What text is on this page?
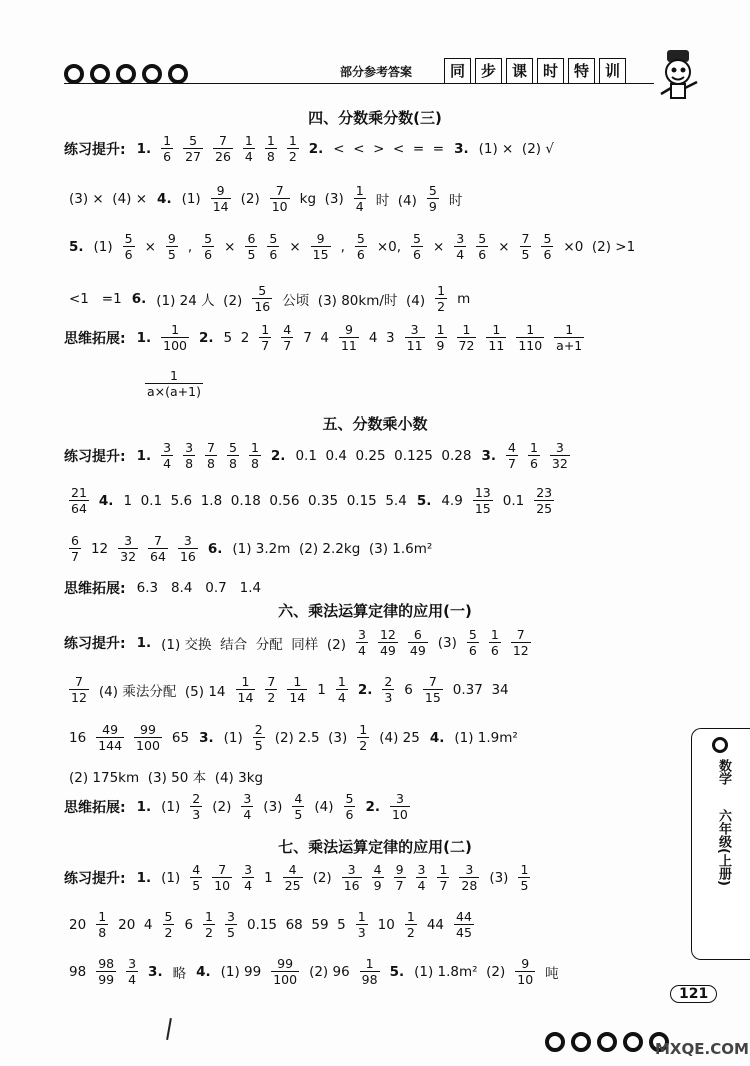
部分参考答案	同	步	课	时	特	训
四、分数乘分数(三)
练习提升: 1. $\frac{1}{6} \frac{5}{27} \frac{7}{26} \frac{1}{4} \frac{1}{8} \frac{1}{2} 2$. <  <  >  <  =  = 3. (1) ×  (2) √
(3) ×  (4) × 4. $(1) \frac{9}{14} (2) \frac{7}{10}$ kg  $(3) \frac{1}{4}$ 时  $(4) \frac{5}{9}$ 时
5. $(1) \frac{5}{6} \times \frac{9}{5}$ , $\frac{5}{6} \times \frac{6}{5} \frac{5}{6} \times \frac{9}{15}$ , $\frac{5}{6} \times 0$, $\frac{5}{6} \times \frac{3}{4} \frac{5}{6} \times \frac{7}{5} \frac{5}{6} \times 0$  (2) >1
<1   =1 6. (1) 24 人  $(2) \frac{5}{16}$ 公顷  (3) 80km/时  $(4) \frac{1}{2}$ m
思维拓展: 1. $\frac{1}{100} 2$. 5  $2 \frac{1}{7} \frac{4}{7} 7$  $4 \frac{9}{11} 4$  $3 \frac{3}{11} \frac{1}{9} \frac{1}{72} \frac{1}{11} \frac{1}{110} \frac{1}{a+1}$
$\frac{1}{a\times(a+1)}$
五、分数乘小数
练习提升: 1. $\frac{3}{4} \frac{3}{8} \frac{7}{8} \frac{5}{8} \frac{1}{8} 2$. 0.1  0.4  0.25  0.125  0.28 3. $\frac{4}{7} \frac{1}{6} \frac{3}{32}$
$\frac{21}{64} 4$. 1  0.1  5.6  1.8  0.18  0.56  0.35  0.15  5.4 5. $4.9 \frac{13}{15} 0.1 \frac{23}{25}$
$\frac{6}{7} 12 \frac{3}{32} \frac{7}{64} \frac{3}{16} 6$. (1) 3.2m  (2) 2.2kg  (3) 1.6m²
思维拓展: 6.3   8.4   0.7   1.4
六、乘法运算定律的应用(一)
练习提升: 1. (1) 交换  结合  分配  同样  $(2) \frac{3}{4} \frac{12}{49} \frac{6}{49} (3) \frac{5}{6} \frac{1}{6} \frac{7}{12}$
$\frac{7}{12} (4)$ 乘法分配  (5) $14 \frac{1}{14} \frac{7}{2} \frac{1}{14} 1 \frac{1}{4} 2$. $\frac{2}{3} 6 \frac{7}{15} 0.37$  34
$16 \frac{49}{144} \frac{99}{100} 65$ 3. $(1) \frac{2}{5} (2)$ 2.5  $(3) \frac{1}{2} (4)$ 25 4. (1) 1.9m²
(2) 175km  (3) 50 本  (4) 3kg
思维拓展: 1. $(1) \frac{2}{3} (2) \frac{3}{4} (3) \frac{4}{5} (4) \frac{5}{6} 2$. $\frac{3}{10}$
七、乘法运算定律的应用(二)
练习提升: 1. $(1) \frac{4}{5} \frac{7}{10} \frac{3}{4} 1 \frac{4}{25} (2) \frac{3}{16} \frac{4}{9} \frac{9}{7} \frac{3}{4} \frac{1}{7} \frac{3}{28} (3) \frac{1}{5}$
$20 \frac{1}{8} 20$  $4 \frac{5}{2} 6 \frac{1}{2} \frac{3}{5} 0.15$  68  59  $5 \frac{1}{3} 10 \frac{1}{2} 44 \frac{44}{45}$
$98 \frac{98}{99} \frac{3}{4} 3$. 略 4. (1) $99 \frac{99}{100} (2)$ $96 \frac{1}{98} 5$. (1) 1.8m²  $(2) \frac{9}{10}$ 吨
数学
六年级(上册)
121
MXQE.COM
